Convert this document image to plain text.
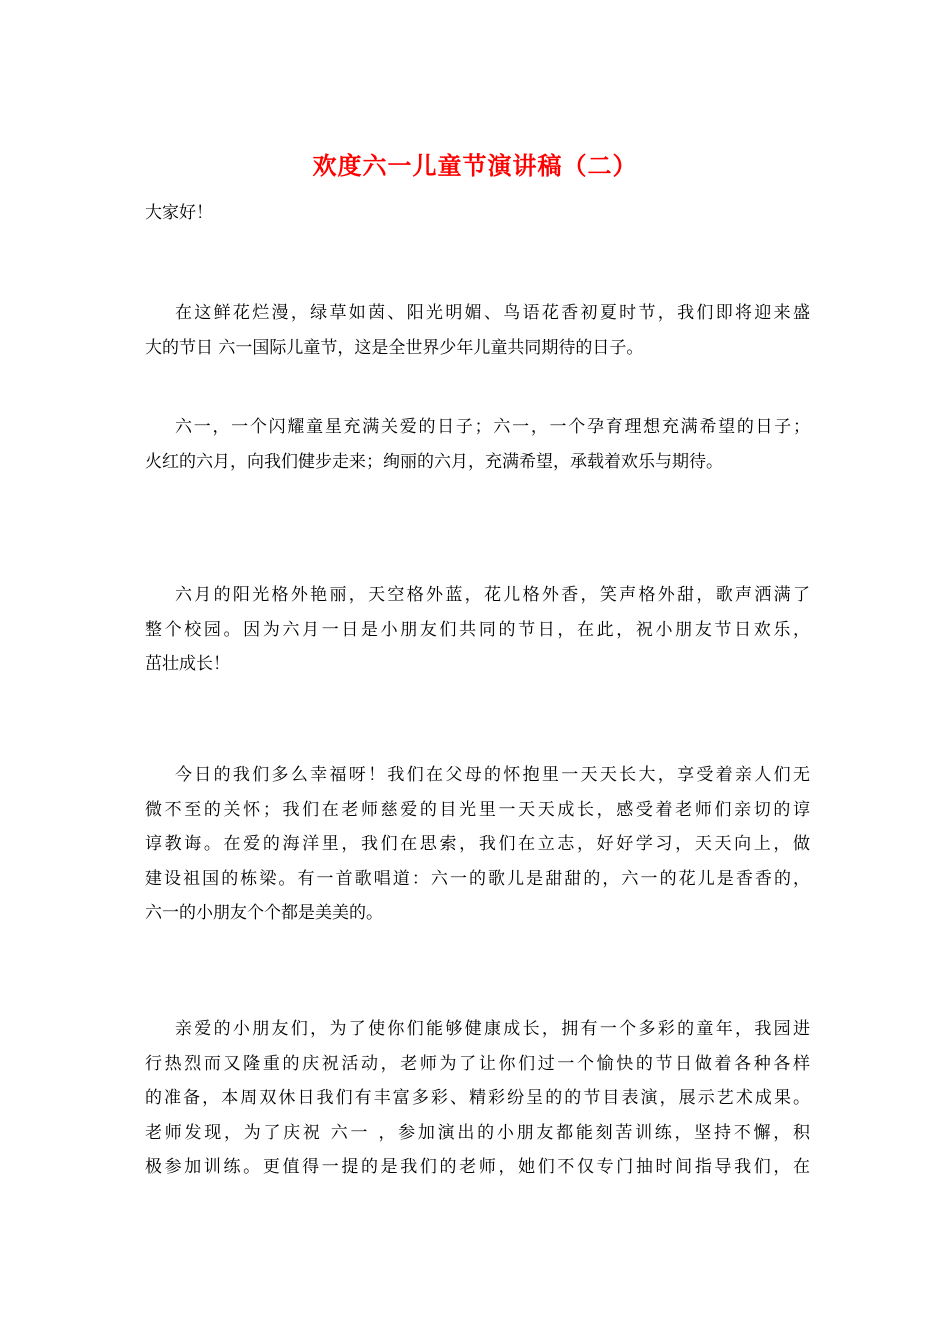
欢度六一儿童节演讲稿（二）
大家好！
在这鲜花烂漫，绿草如茵、阳光明媚、鸟语花香初夏时节，我们即将迎来盛
大的节日 六一国际儿童节，这是全世界少年儿童共同期待的日子。
六一，一个闪耀童星充满关爱的日子；六一，一个孕育理想充满希望的日子；
火红的六月，向我们健步走来；绚丽的六月，充满希望，承载着欢乐与期待。
六月的阳光格外艳丽，天空格外蓝，花儿格外香，笑声格外甜，歌声洒满了
整个校园。因为六月一日是小朋友们共同的节日，在此，祝小朋友节日欢乐，
茁壮成长！
今日的我们多么幸福呀！我们在父母的怀抱里一天天长大，享受着亲人们无
微不至的关怀；我们在老师慈爱的目光里一天天成长，感受着老师们亲切的谆
谆教诲。在爱的海洋里，我们在思索，我们在立志，好好学习，天天向上，做
建设祖国的栋梁。有一首歌唱道：六一的歌儿是甜甜的，六一的花儿是香香的，
六一的小朋友个个都是美美的。
亲爱的小朋友们，为了使你们能够健康成长，拥有一个多彩的童年，我园进
行热烈而又隆重的庆祝活动，老师为了让你们过一个愉快的节日做着各种各样
的准备，本周双休日我们有丰富多彩、精彩纷呈的的节目表演，展示艺术成果。
老师发现，为了庆祝 六一 ，参加演出的小朋友都能刻苦训练，坚持不懈，积
极参加训练。更值得一提的是我们的老师，她们不仅专门抽时间指导我们，在
